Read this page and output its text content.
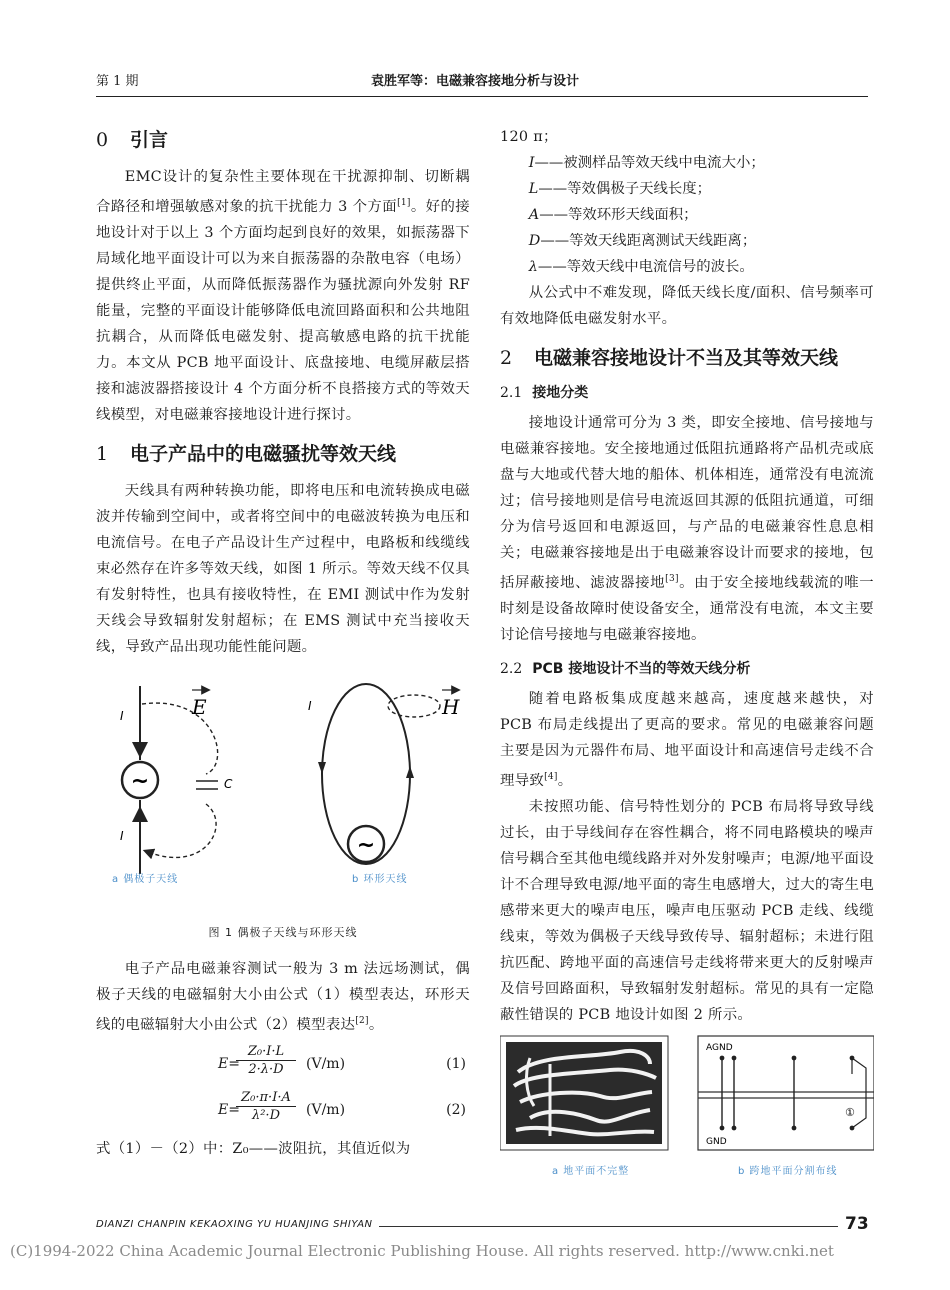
第 1 期	袁胜军等：电磁兼容接地分析与设计
0 引言
EMC设计的复杂性主要体现在干扰源抑制、切断耦合路径和增强敏感对象的抗干扰能力 3 个方面[1]。好的接地设计对于以上 3 个方面均起到良好的效果，如振荡器下局域化地平面设计可以为来自振荡器的杂散电容（电场）提供终止平面，从而降低振荡器作为骚扰源向外发射 RF 能量，完整的平面设计能够降低电流回路面积和公共地阻抗耦合，从而降低电磁发射、提高敏感电路的抗干扰能力。本文从 PCB 地平面设计、底盘接地、电缆屏蔽层搭接和滤波器搭接设计 4 个方面分析不良搭接方式的等效天线模型，对电磁兼容接地设计进行探讨。
1 电子产品中的电磁骚扰等效天线
天线具有两种转换功能，即将电压和电流转换成电磁波并传输到空间中，或者将空间中的电磁波转换为电压和电流信号。在电子产品设计生产过程中，电路板和线缆线束必然存在许多等效天线，如图 1 所示。等效天线不仅具有发射特性，也具有接收特性，在 EMI 测试中作为发射天线会导致辐射发射超标；在 EMS 测试中充当接收天线，导致产品出现功能性能问题。
~	C
I
I
E
~
I	H
a 偶极子天线	b 环形天线
图 1 偶极子天线与环形天线
电子产品电磁兼容测试一般为 3 m 法远场测试，偶极子天线的电磁辐射大小由公式（1）模型表达，环形天线的电磁辐射大小由公式（2）模型表达[2]。
E=
$\frac{\text{Z₀·I·L}}{2\cdot\lambda\cdot D} (V/m)$	(1)
E=
$\frac{\text{Z₀·π·I·A}}{\text{λ²·D}} (V/m)$	(2)
式（1）－（2）中：Z₀——波阻抗，其值近似为
120 π；
I——被测样品等效天线中电流大小；
L——等效偶极子天线长度；
A——等效环形天线面积；
D——等效天线距离测试天线距离；
λ——等效天线中电流信号的波长。
从公式中不难发现，降低天线长度/面积、信号频率可有效地降低电磁发射水平。
2 电磁兼容接地设计不当及其等效天线
2.1 接地分类
接地设计通常可分为 3 类，即安全接地、信号接地与电磁兼容接地。安全接地通过低阻抗通路将产品机壳或底盘与大地或代替大地的船体、机体相连，通常没有电流流过；信号接地则是信号电流返回其源的低阻抗通道，可细分为信号返回和电源返回，与产品的电磁兼容性息息相关；电磁兼容接地是出于电磁兼容设计而要求的接地，包括屏蔽接地、滤波器接地[3]。由于安全接地线载流的唯一时刻是设备故障时使设备安全，通常没有电流，本文主要讨论信号接地与电磁兼容接地。
2.2 PCB 接地设计不当的等效天线分析
随着电路板集成度越来越高，速度越来越快，对 PCB 布局走线提出了更高的要求。常见的电磁兼容问题主要是因为元器件布局、地平面设计和高速信号走线不合理导致[4]。
未按照功能、信号特性划分的 PCB 布局将导致导线过长，由于导线间存在容性耦合，将不同电路模块的噪声信号耦合至其他电缆线路并对外发射噪声；电源/地平面设计不合理导致电源/地平面的寄生电感增大，过大的寄生电感带来更大的噪声电压，噪声电压驱动 PCB 走线、线缆线束，等效为偶极子天线导致传导、辐射超标；未进行阻抗匹配、跨地平面的高速信号走线将带来更大的反射噪声及信号回路面积，导致辐射发射超标。常见的具有一定隐蔽性错误的 PCB 地设计如图 2 所示。
AGND
GND
①
a 地平面不完整	b 跨地平面分割布线
DIANZI CHANPIN KEKAOXING YU HUANJING SHIYAN	73
(C)1994-2022 China Academic Journal Electronic Publishing House. All rights reserved. http://www.cnki.net
